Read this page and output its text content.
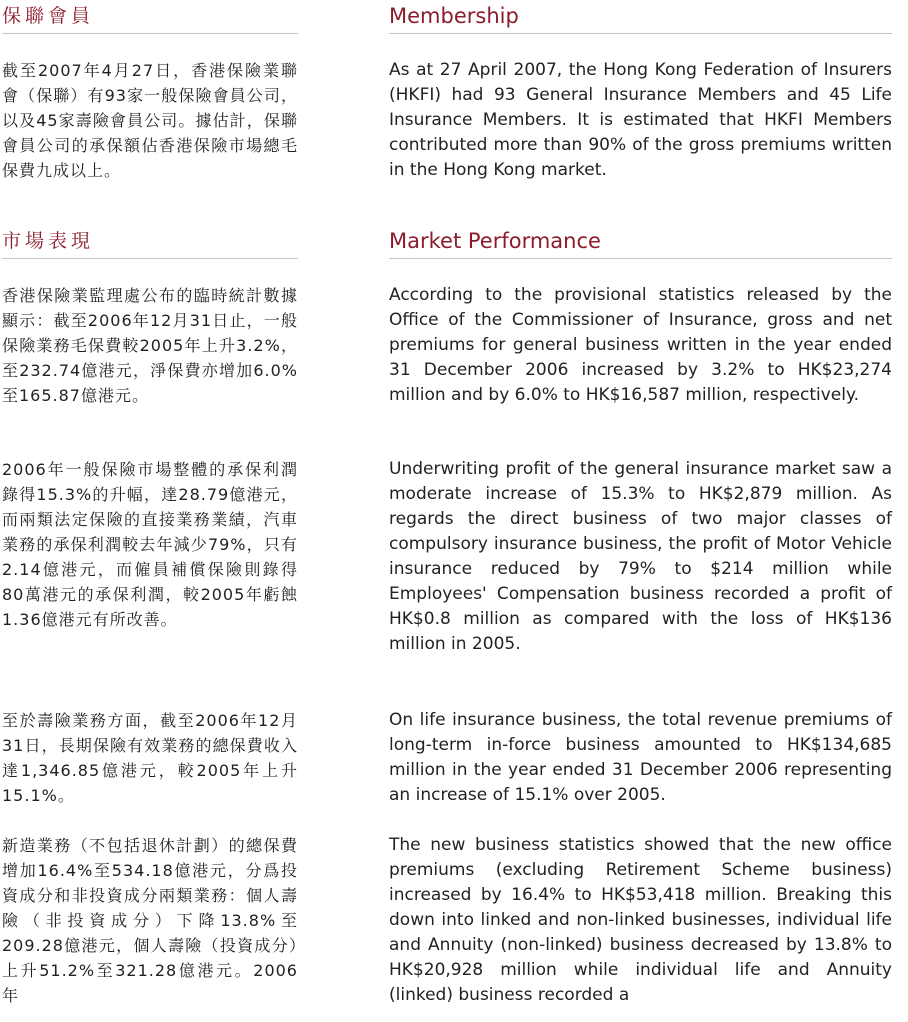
保聯會員	Membership

截至2007年4月27日，香港保險業聯會（保聯）有93家一般保險會員公司，以及45家壽險會員公司。據估計，保聯會員公司的承保額佔香港保險市場總毛保費九成以上。

As at 27 April 2007, the Hong Kong Federation of Insurers (HKFI) had 93 General Insurance Members and 45 Life Insurance Members. It is estimated that HKFI Members contributed more than 90% of the gross premiums written in the Hong Kong market.

市場表現	Market Performance

香港保險業監理處公布的臨時統計數據顯示：截至2006年12月31日止，一般保險業務毛保費較2005年上升3.2%，至232.74億港元，淨保費亦增加6.0%至165.87億港元。

According to the provisional statistics released by the Office of the Commissioner of Insurance, gross and net premiums for general business written in the year ended 31 December 2006 increased by 3.2% to HK$23,274 million and by 6.0% to HK$16,587 million, respectively.

2006年一般保險市場整體的承保利潤錄得15.3%的升幅，達28.79億港元，而兩類法定保險的直接業務業績，汽車業務的承保利潤較去年減少79%，只有2.14億港元，而僱員補償保險則錄得80萬港元的承保利潤，較2005年虧蝕1.36億港元有所改善。

Underwriting profit of the general insurance market saw a moderate increase of 15.3% to HK$2,879 million. As regards the direct business of two major classes of compulsory insurance business, the profit of Motor Vehicle insurance reduced by 79% to $214 million while Employees' Compensation business recorded a profit of HK$0.8 million as compared with the loss of HK$136 million in 2005.

至於壽險業務方面，截至2006年12月31日，長期保險有效業務的總保費收入達1,346.85億港元，較2005年上升15.1%。

On life insurance business, the total revenue premiums of long-term in-force business amounted to HK$134,685 million in the year ended 31 December 2006 representing an increase of 15.1% over 2005.

新造業務（不包括退休計劃）的總保費增加16.4%至534.18億港元，分爲投資成分和非投資成分兩類業務：個人壽險（非投資成分）下降13.8%至209.28億港元，個人壽險（投資成分）上升51.2%至321.28億港元。2006年

The new business statistics showed that the new office premiums (excluding Retirement Scheme business) increased by 16.4% to HK$53,418 million. Breaking this down into linked and non-linked businesses, individual life and Annuity (non-linked) business decreased by 13.8% to HK$20,928 million while individual life and Annuity (linked) business recorded a
